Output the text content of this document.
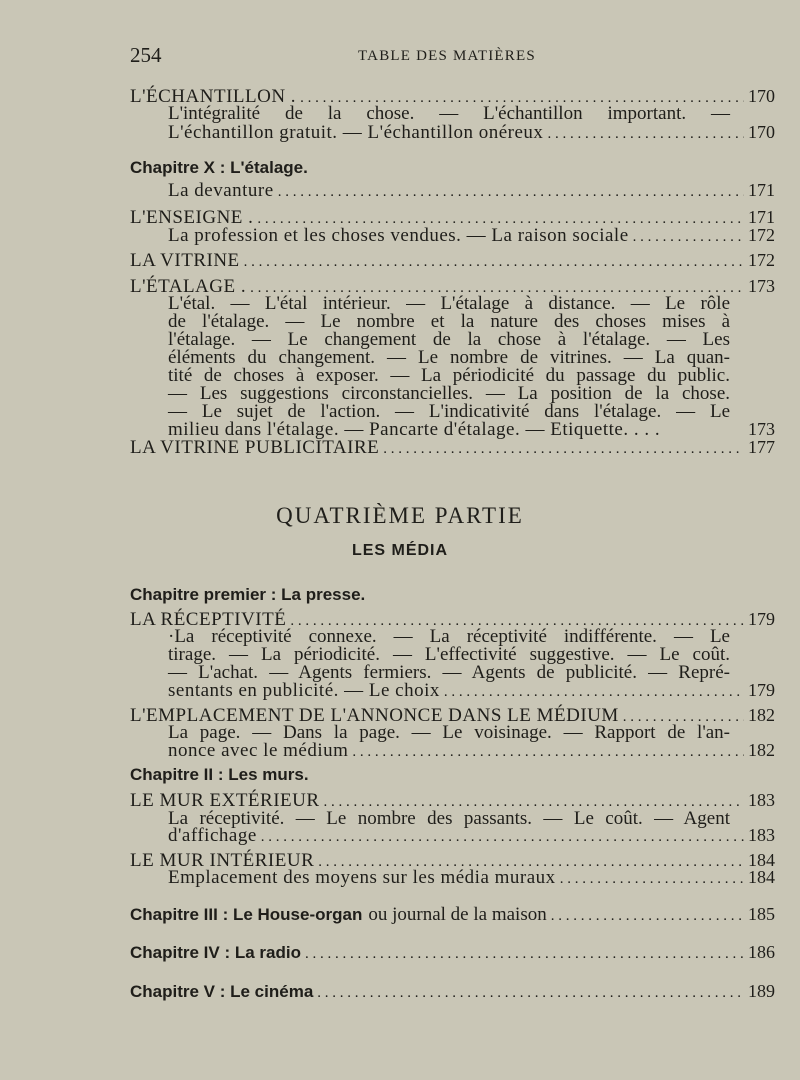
254	TABLE DES MATIÈRES
L'ÉCHANTILLON . . . .	170
L'intégralité de la chose. — L'échantillon important. —
L'échantillon gratuit. — L'échantillon onéreux . . .	170
Chapitre X : L'étalage.
La devanture . . .	171
L'ENSEIGNE . . . .	171
La profession et les choses vendues. — La raison sociale . . .	172
LA VITRINE . . .	172
L'ÉTALAGE . . . .	173
L'étal. — L'étal intérieur. — L'étalage à distance. — Le rôle
de l'étalage. — Le nombre et la nature des choses mises à
l'étalage. — Le changement de la chose à l'étalage. — Les
éléments du changement. — Le nombre de vitrines. — La quan-
tité de choses à exposer. — La périodicité du passage du public.
— Les suggestions circonstancielles. — La position de la chose.
— Le sujet de l'action. — L'indicativité dans l'étalage. — Le
milieu dans l'étalage. — Pancarte d'étalage. — Etiquette. . . .	173
LA VITRINE PUBLICITAIRE . . .	177
QUATRIÈME PARTIE
LES MÉDIA
Chapitre premier : La presse.
LA RÉCEPTIVITÉ . . .	179
·La réceptivité connexe. — La réceptivité indifférente. — Le
tirage. — La périodicité. — L'effectivité suggestive. — Le coût.
— L'achat. — Agents fermiers. — Agents de publicité. — Repré-
sentants en publicité. — Le choix . . .	179
L'EMPLACEMENT DE L'ANNONCE DANS LE MÉDIUM . . .	182
La page. — Dans la page. — Le voisinage. — Rapport de l'an-
nonce avec le médium . . .	182
Chapitre II : Les murs.
LE MUR EXTÉRIEUR . . .	183
La réceptivité. — Le nombre des passants. — Le coût. — Agent
d'affichage . . .	183
LE MUR INTÉRIEUR . . .	184
Emplacement des moyens sur les média muraux . . .	184
Chapitre III : Le House-organ ou journal de la maison . . .	185
Chapitre IV : La radio . . .	186
Chapitre V : Le cinéma . . .	189
